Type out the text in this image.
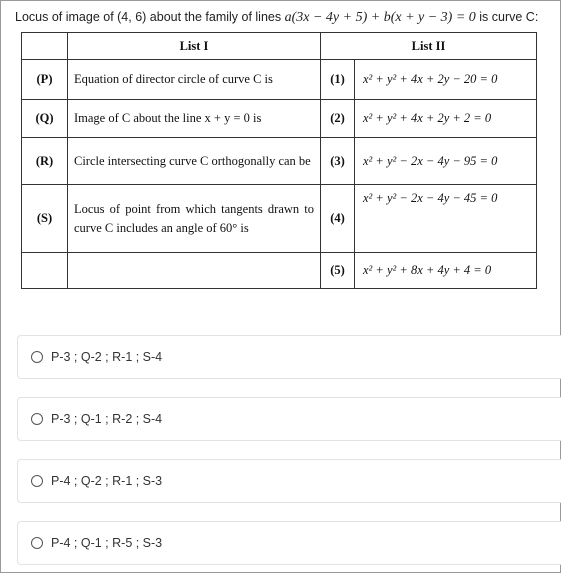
Locus of image of (4, 6) about the family of lines a(3x − 4y + 5) + b(x + y − 3) = 0 is curve C:
	List I	List II	
(P)	Equation of director circle of curve C is	(1)	x² + y² + 4x + 2y − 20 = 0
(Q)	Image of C about the line x + y = 0 is	(2)	x² + y² + 4x + 2y + 2 = 0
(R)	Circle intersecting curve C orthogonally can be	(3)	x² + y² − 2x − 4y − 95 = 0
(S)	Locus of point from which tangents drawn to curve C includes an angle of 60° is	(4)	x² + y² − 2x − 4y − 45 = 0
		(5)	x² + y² + 8x + 4y + 4 = 0
P-3 ; Q-2 ; R-1 ; S-4
P-3 ; Q-1 ; R-2 ; S-4
P-4 ; Q-2 ; R-1 ; S-3
P-4 ; Q-1 ; R-5 ; S-3
